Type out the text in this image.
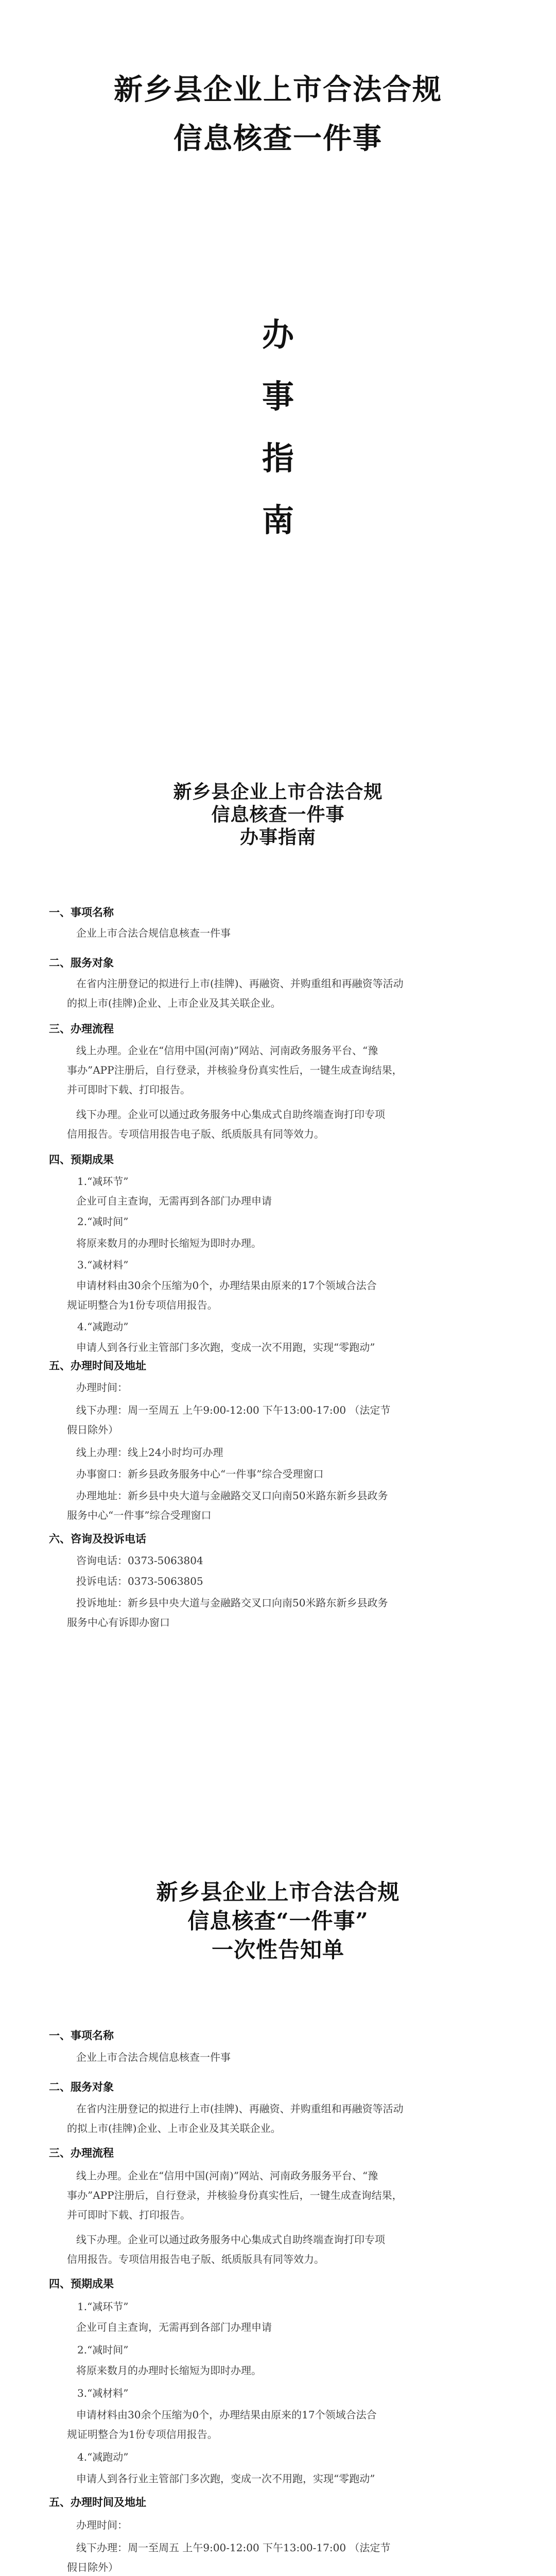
新乡县企业上市合法合规
信息核查一件事
办
事
指
南
新乡县企业上市合法合规
信息核查一件事
办事指南
一、事项名称
企业上市合法合规信息核查一件事
二、服务对象
在省内注册登记的拟进行上市(挂牌)、再融资、并购重组和再融资等活动
的拟上市(挂牌)企业、上市企业及其关联企业。
三、办理流程
线上办理。企业在“信用中国(河南)”网站、河南政务服务平台、“豫
事办”APP注册后，自行登录，并核验身份真实性后，一键生成查询结果，
并可即时下载、打印报告。
线下办理。企业可以通过政务服务中心集成式自助终端查询打印专项
信用报告。专项信用报告电子版、纸质版具有同等效力。
四、预期成果
1.“减环节”
企业可自主查询，无需再到各部门办理申请
2.“减时间”
将原来数月的办理时长缩短为即时办理。
3.“减材料”
申请材料由30余个压缩为0个，办理结果由原来的17个领域合法合
规证明整合为1份专项信用报告。
4.“减跑动”
申请人到各行业主管部门多次跑，变成一次不用跑，实现“零跑动”
五、办理时间及地址
办理时间：
线下办理：周一至周五 上午9:00-12:00 下午13:00-17:00 （法定节
假日除外）
线上办理：线上24小时均可办理
办事窗口：新乡县政务服务中心“一件事”综合受理窗口
办理地址：新乡县中央大道与金融路交叉口向南50米路东新乡县政务
服务中心“一件事”综合受理窗口
六、咨询及投诉电话
咨询电话：0373-5063804
投诉电话：0373-5063805
投诉地址：新乡县中央大道与金融路交叉口向南50米路东新乡县政务
服务中心有诉即办窗口
新乡县企业上市合法合规
信息核查“一件事”
一次性告知单
一、事项名称
企业上市合法合规信息核查一件事
二、服务对象
在省内注册登记的拟进行上市(挂牌)、再融资、并购重组和再融资等活动
的拟上市(挂牌)企业、上市企业及其关联企业。
三、办理流程
线上办理。企业在“信用中国(河南)”网站、河南政务服务平台、“豫
事办”APP注册后，自行登录，并核验身份真实性后，一键生成查询结果，
并可即时下载、打印报告。
线下办理。企业可以通过政务服务中心集成式自助终端查询打印专项
信用报告。专项信用报告电子版、纸质版具有同等效力。
四、预期成果
1.“减环节”
企业可自主查询，无需再到各部门办理申请
2.“减时间”
将原来数月的办理时长缩短为即时办理。
3.“减材料”
申请材料由30余个压缩为0个，办理结果由原来的17个领域合法合
规证明整合为1份专项信用报告。
4.“减跑动”
申请人到各行业主管部门多次跑，变成一次不用跑，实现“零跑动”
五、办理时间及地址
办理时间：
线下办理：周一至周五 上午9:00-12:00 下午13:00-17:00 （法定节
假日除外）
